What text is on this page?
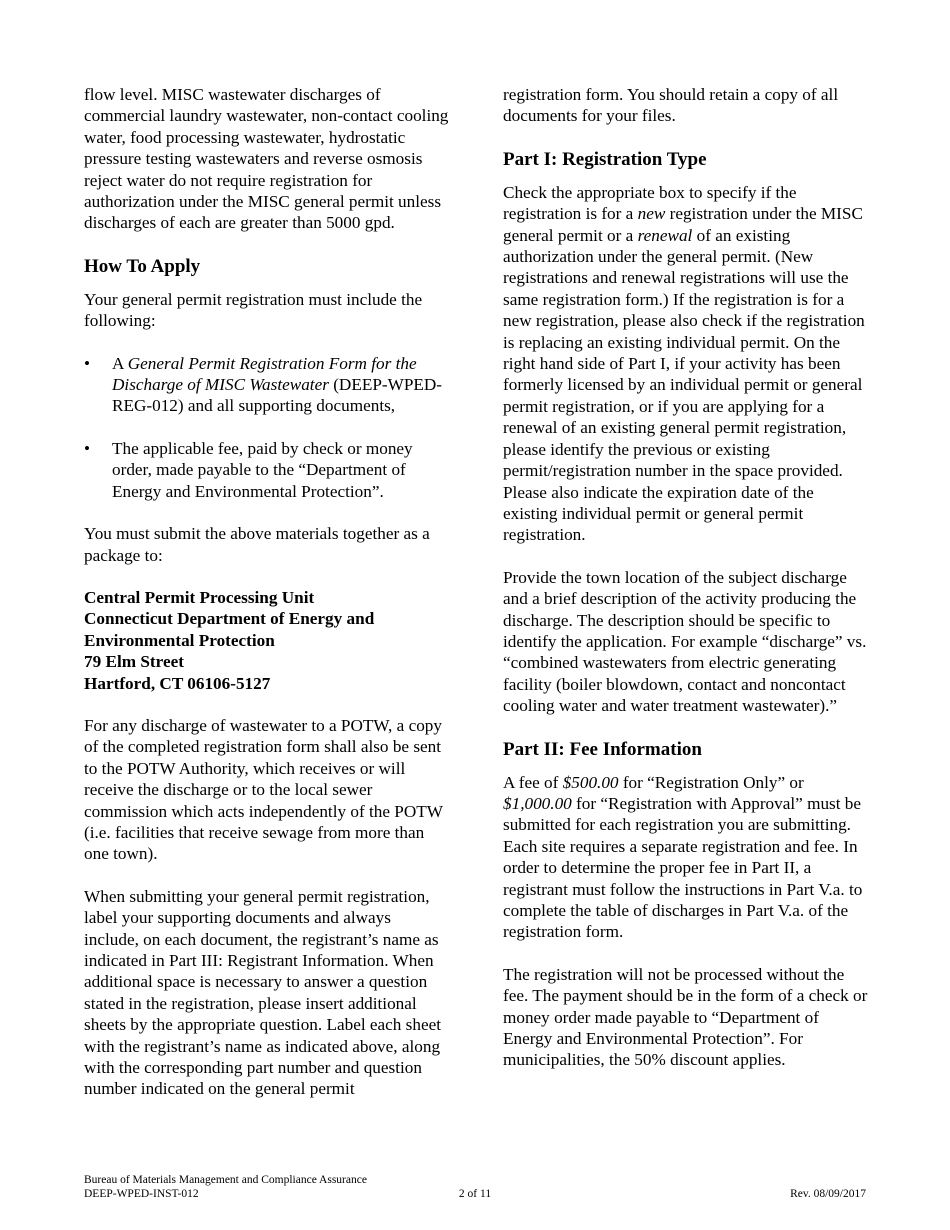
flow level. MISC wastewater discharges of commercial laundry wastewater, non-contact cooling water, food processing wastewater, hydrostatic pressure testing wastewaters and reverse osmosis reject water do not require registration for authorization under the MISC general permit unless discharges of each are greater than 5000 gpd.

How To Apply

Your general permit registration must include the following:

• A General Permit Registration Form for the Discharge of MISC Wastewater (DEEP-WPED-REG-012) and all supporting documents,
• The applicable fee, paid by check or money order, made payable to the “Department of Energy and Environmental Protection”.

You must submit the above materials together as a package to:

Central Permit Processing Unit
Connecticut Department of Energy and
Environmental Protection
79 Elm Street
Hartford, CT 06106-5127

For any discharge of wastewater to a POTW, a copy of the completed registration form shall also be sent to the POTW Authority, which receives or will receive the discharge or to the local sewer commission which acts independently of the POTW (i.e. facilities that receive sewage from more than one town).

When submitting your general permit registration, label your supporting documents and always include, on each document, the registrant’s name as indicated in Part III: Registrant Information. When additional space is necessary to answer a question stated in the registration, please insert additional sheets by the appropriate question. Label each sheet with the registrant’s name as indicated above, along with the corresponding part number and question number indicated on the general permit

registration form. You should retain a copy of all documents for your files.

Part I: Registration Type

Check the appropriate box to specify if the registration is for a new registration under the MISC general permit or a renewal of an existing authorization under the general permit. (New registrations and renewal registrations will use the same registration form.) If the registration is for a new registration, please also check if the registration is replacing an existing individual permit. On the right hand side of Part I, if your activity has been formerly licensed by an individual permit or general permit registration, or if you are applying for a renewal of an existing general permit registration, please identify the previous or existing permit/registration number in the space provided. Please also indicate the expiration date of the existing individual permit or general permit registration.

Provide the town location of the subject discharge and a brief description of the activity producing the discharge. The description should be specific to identify the application. For example “discharge” vs. “combined wastewaters from electric generating facility (boiler blowdown, contact and noncontact cooling water and water treatment wastewater).”

Part II: Fee Information

A fee of $500.00 for “Registration Only” or $1,000.00 for “Registration with Approval” must be submitted for each registration you are submitting. Each site requires a separate registration and fee. In order to determine the proper fee in Part II, a registrant must follow the instructions in Part V.a. to complete the table of discharges in Part V.a. of the registration form.

The registration will not be processed without the fee. The payment should be in the form of a check or money order made payable to “Department of Energy and Environmental Protection”. For municipalities, the 50% discount applies.

Bureau of Materials Management and Compliance Assurance
DEEP-WPED-INST-012	2 of 11	Rev. 08/09/2017
